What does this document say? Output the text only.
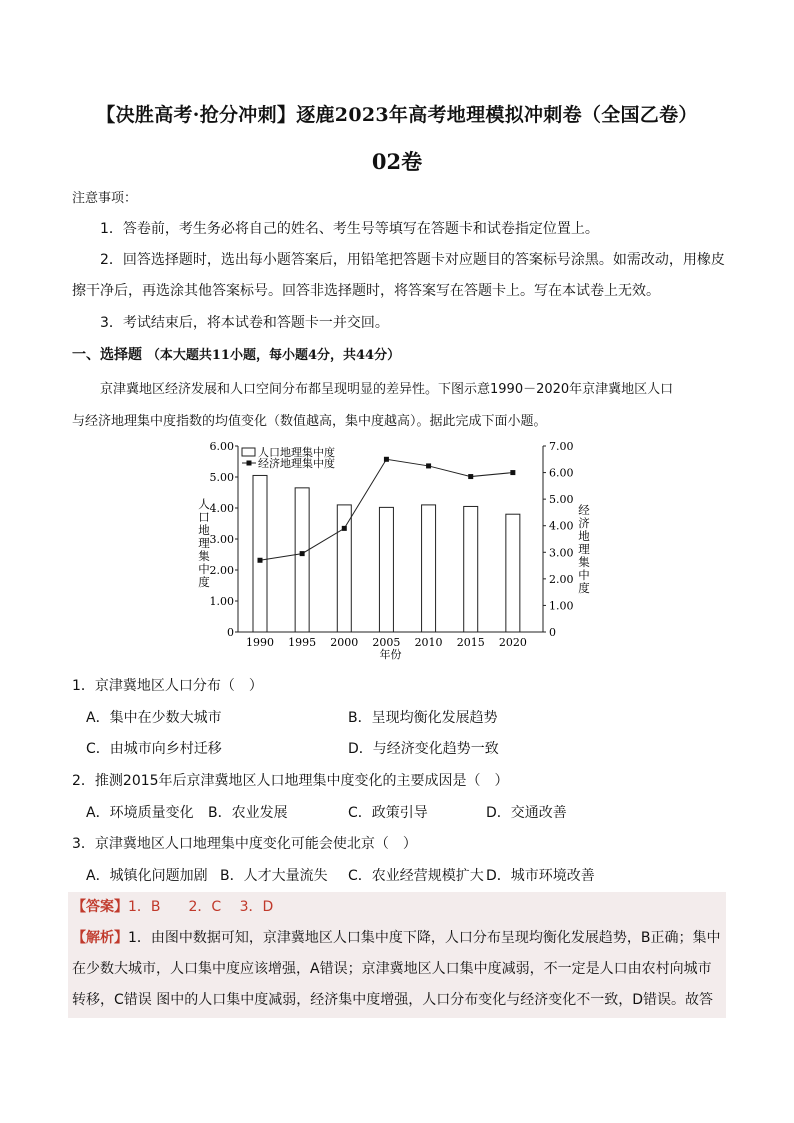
【决胜高考·抢分冲刺】逐鹿2023年高考地理模拟冲刺卷（全国乙卷）
02卷
注意事项：
1．答卷前，考生务必将自己的姓名、考生号等填写在答题卡和试卷指定位置上。
2．回答选择题时，选出每小题答案后，用铅笔把答题卡对应题目的答案标号涂黑。如需改动，用橡皮
擦干净后，再选涂其他答案标号。回答非选择题时，将答案写在答题卡上。写在本试卷上无效。
3．考试结束后，将本试卷和答题卡一并交回。
一、选择题 （本大题共11小题，每小题4分，共44分）
京津冀地区经济发展和人口空间分布都呈现明显的差异性。下图示意1990－2020年京津冀地区人口
与经济地理集中度指数的均值变化（数值越高，集中度越高）。据此完成下面小题。
0
1.00
2.00
3.00
4.00
5.00
6.00
0
1.00
2.00
3.00
4.00
5.00
6.00
7.00
1990 1995 2000 2005 2010 2015 2020
年份
人
口
地
理
集
中
度
经
济
地
理
集
中
度
人口地理集中度
经济地理集中度
1．京津冀地区人口分布（　）
A．集中在少数大城市	B．呈现均衡化发展趋势
C．由城市向乡村迁移	D．与经济变化趋势一致
2．推测2015年后京津冀地区人口地理集中度变化的主要成因是（　）
A．环境质量变化 B．农业发展	C．政策引导	D．交通改善
3．京津冀地区人口地理集中度变化可能会使北京（　）
A．城镇化问题加剧 B．人才大量流失 C．农业经营规模扩大 D．城市环境改善
【答案】1．B　　2．C　 3．D
【解析】1．由图中数据可知，京津冀地区人口集中度下降，人口分布呈现均衡化发展趋势，B正确；集中
在少数大城市，人口集中度应该增强，A错误；京津冀地区人口集中度减弱，不一定是人口由农村向城市
转移，C错误 图中的人口集中度减弱，经济集中度增强，人口分布变化与经济变化不一致，D错误。故答
